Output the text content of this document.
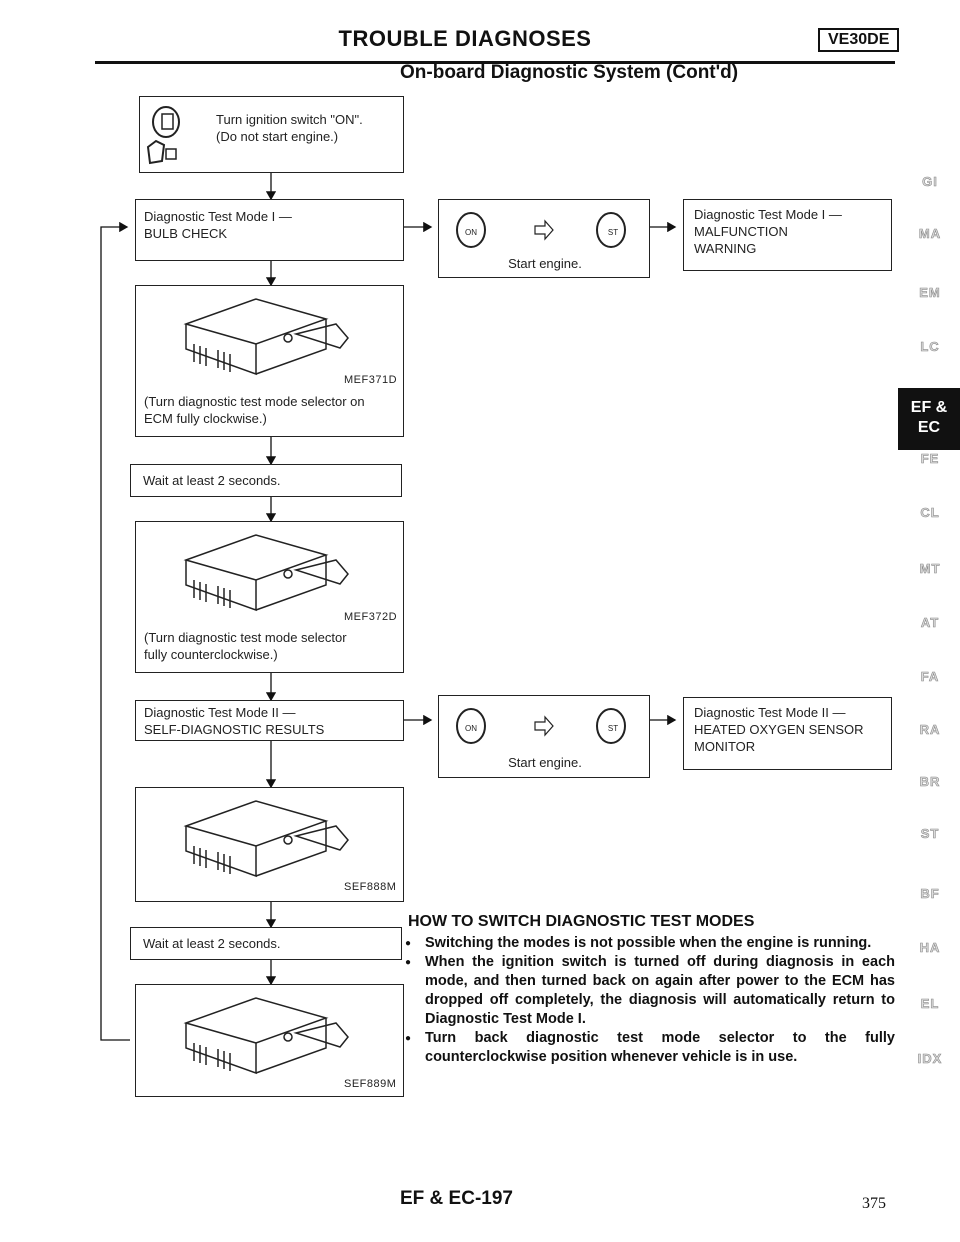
TROUBLE DIAGNOSES	VE30DE
On-board Diagnostic System (Cont'd)
Turn ignition switch "ON".
(Do not start engine.)
Diagnostic Test Mode I —
BULB CHECK	ON	ST
Start engine.
Diagnostic Test Mode I —
MALFUNCTION
WARNING
MEF371D
(Turn diagnostic test mode selector on
ECM fully clockwise.)
Wait at least 2 seconds.
MEF372D
(Turn diagnostic test mode selector
fully counterclockwise.)
Diagnostic Test Mode II —
SELF-DIAGNOSTIC RESULTS	ON	ST
Start engine.
Diagnostic Test Mode II —
HEATED OXYGEN SENSOR
MONITOR
SEF888M
Wait at least 2 seconds.
SEF889M
HOW TO SWITCH DIAGNOSTIC TEST MODES
● Switching the modes is not possible when the engine is running.
● When the ignition switch is turned off during diagnosis in each mode, and then turned back on again after power to the ECM has dropped off completely, the diagnosis will automatically return to Diagnostic Test Mode I.
● Turn back diagnostic test mode selector to the fully counterclockwise position whenever vehicle is in use.
GI
MA
EM
LC
EF &
EC
FE
CL
MT
AT
FA
RA
BR
ST
BF
HA
EL
IDX
EF & EC-197	375
